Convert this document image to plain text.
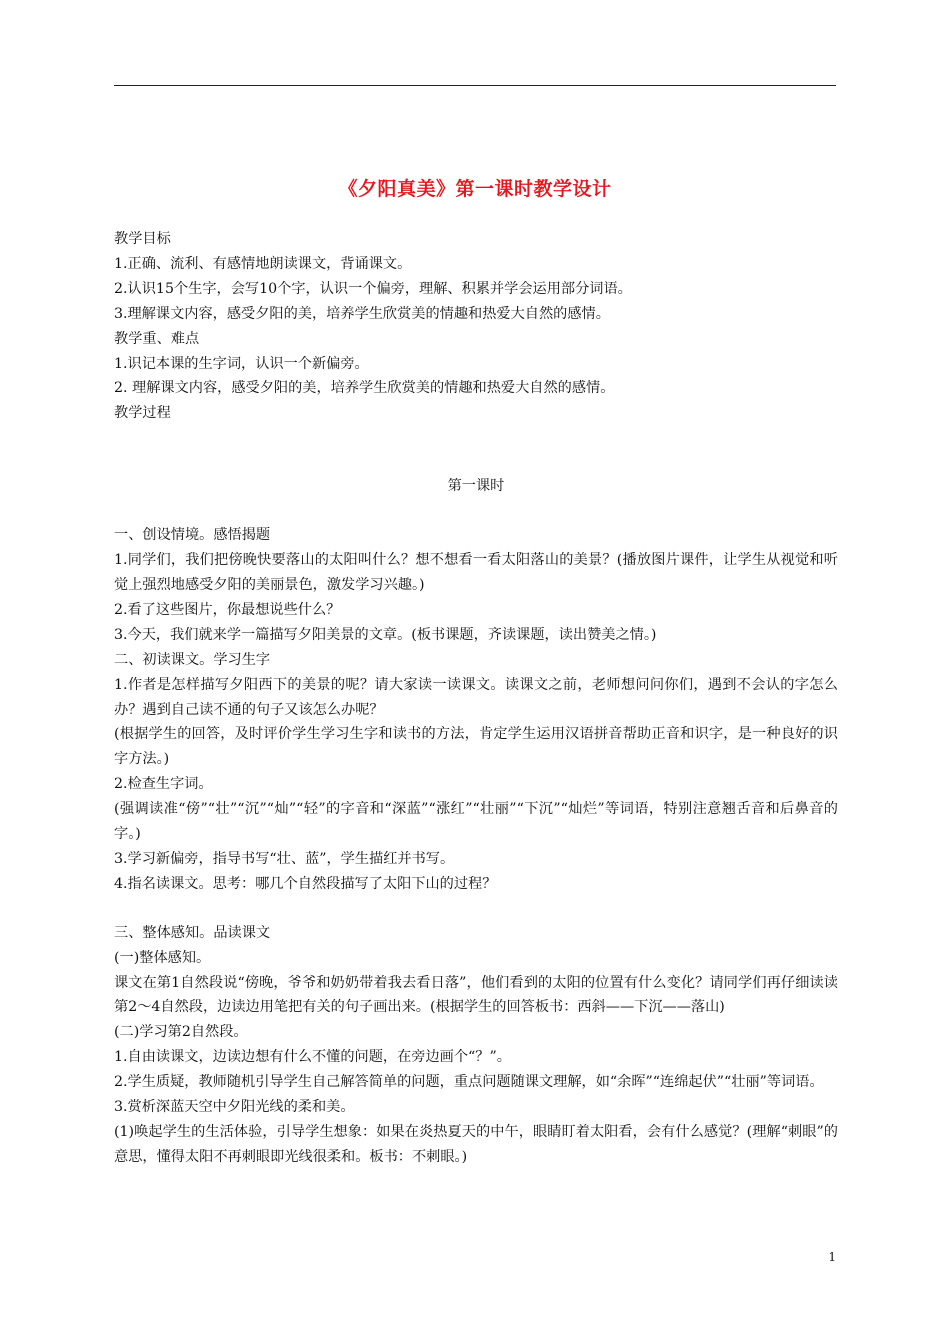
《夕阳真美》第一课时教学设计

教学目标

1.正确、流利、有感情地朗读课文，背诵课文。

2.认识15个生字，会写10个字，认识一个偏旁，理解、积累并学会运用部分词语。

3.理解课文内容，感受夕阳的美，培养学生欣赏美的情趣和热爱大自然的感情。

教学重、难点

1.识记本课的生字词，认识一个新偏旁。

2. 理解课文内容，感受夕阳的美，培养学生欣赏美的情趣和热爱大自然的感情。

教学过程

第一课时

一、创设情境。感悟揭题

1.同学们，我们把傍晚快要落山的太阳叫什么？想不想看一看太阳落山的美景？(播放图片课件，让学生从视觉和听觉上强烈地感受夕阳的美丽景色，激发学习兴趣。)

2.看了这些图片，你最想说些什么？

3.今天，我们就来学一篇描写夕阳美景的文章。(板书课题，齐读课题，读出赞美之情。)

二、初读课文。学习生字

1.作者是怎样描写夕阳西下的美景的呢？请大家读一读课文。读课文之前，老师想问问你们，遇到不会认的字怎么办？遇到自己读不通的句子又该怎么办呢？

(根据学生的回答，及时评价学生学习生字和读书的方法，肯定学生运用汉语拼音帮助正音和识字，是一种良好的识字方法。)

2.检查生字词。

(强调读准“傍”“壮”“沉”“灿”“轻”的字音和“深蓝”“涨红”“壮丽”“下沉”“灿烂”等词语，特别注意翘舌音和后鼻音的字。)

3.学习新偏旁，指导书写“壮、蓝”，学生描红并书写。

4.指名读课文。思考：哪几个自然段描写了太阳下山的过程？

三、整体感知。品读课文

(一)整体感知。

课文在第1自然段说“傍晚，爷爷和奶奶带着我去看日落”，他们看到的太阳的位置有什么变化？请同学们再仔细读读第2～4自然段，边读边用笔把有关的句子画出来。(根据学生的回答板书：西斜——下沉——落山)

(二)学习第2自然段。

1.自由读课文，边读边想有什么不懂的问题，在旁边画个“？”。

2.学生质疑，教师随机引导学生自己解答简单的问题，重点问题随课文理解，如“余晖”“连绵起伏”“壮丽”等词语。

3.赏析深蓝天空中夕阳光线的柔和美。

(1)唤起学生的生活体验，引导学生想象：如果在炎热夏天的中午，眼睛盯着太阳看，会有什么感觉？(理解“刺眼”的意思，懂得太阳不再刺眼即光线很柔和。板书：不刺眼。)

1
